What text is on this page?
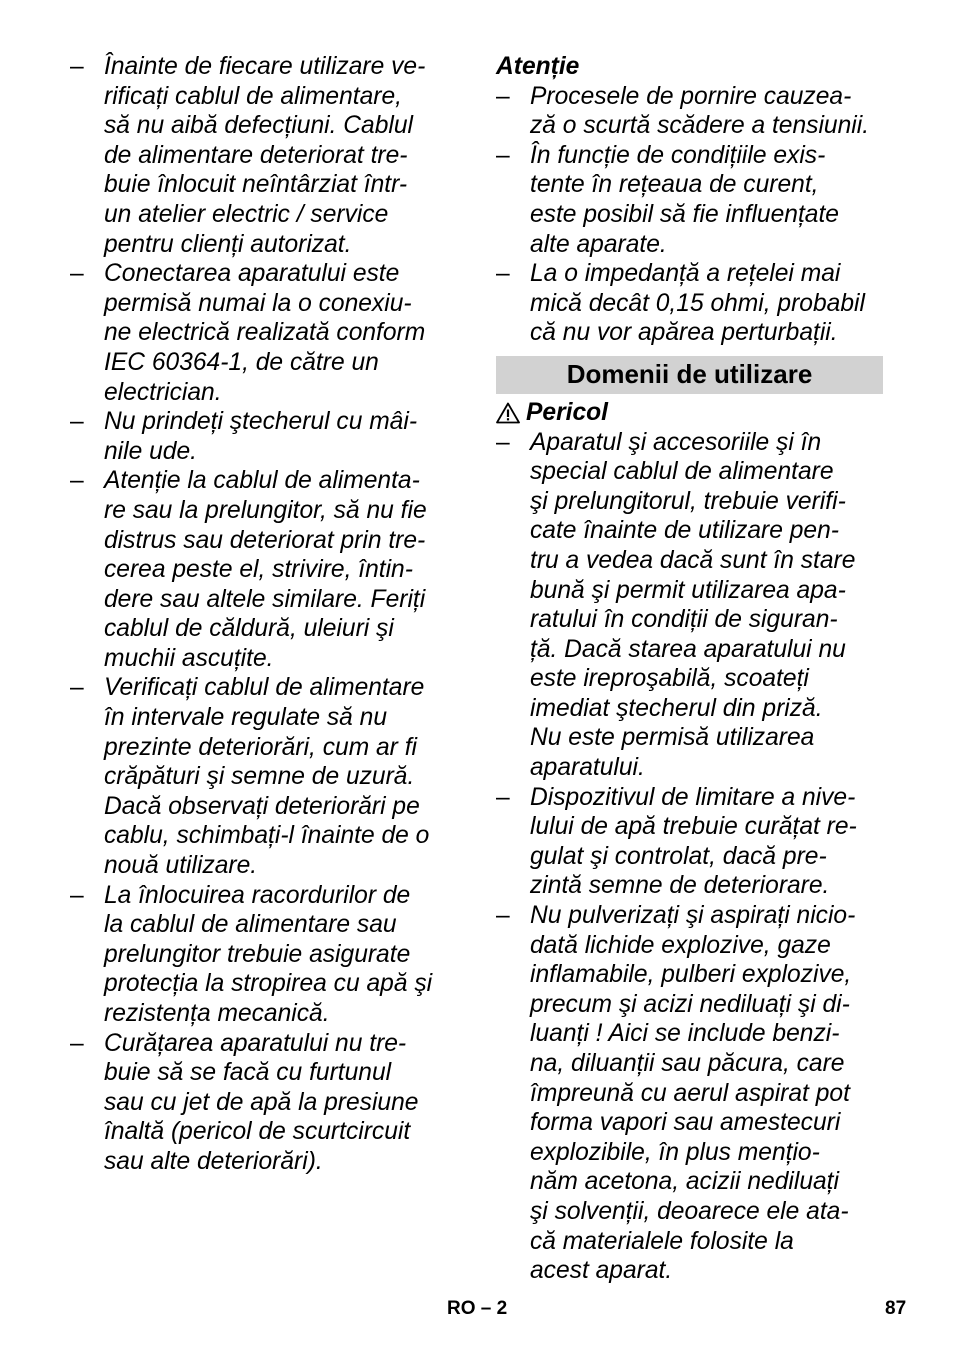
– Înainte de fiecare utilizare ve-
rificați cablul de alimentare,
să nu aibă defecțiuni. Cablul
de alimentare deteriorat tre-
buie înlocuit neîntârziat într-
un atelier electric / service
pentru clienți autorizat.
– Conectarea aparatului este
permisă numai la o conexiu-
ne electrică realizată conform
IEC 60364-1, de către un
electrician.
– Nu prindeți ştecherul cu mâi-
nile ude.
– Atenție la cablul de alimenta-
re sau la prelungitor, să nu fie
distrus sau deteriorat prin tre-
cerea peste el, strivire, întin-
dere sau altele similare. Feriți
cablul de căldură, uleiuri şi
muchii ascuțite.
– Verificați cablul de alimentare
în intervale regulate să nu
prezinte deteriorări, cum ar fi
crăpături şi semne de uzură.
Dacă observați deteriorări pe
cablu, schimbați-l înainte de o
nouă utilizare.
– La înlocuirea racordurilor de
la cablul de alimentare sau
prelungitor trebuie asigurate
protecția la stropirea cu apă şi
rezistența mecanică.
– Curățarea aparatului nu tre-
buie să se facă cu furtunul
sau cu jet de apă la presiune
înaltă (pericol de scurtcircuit
sau alte deteriorări).
Atenție
– Procesele de pornire cauzea-
ză o scurtă scădere a tensiunii.
– În funcție de condițiile exis-
tente în rețeaua de curent,
este posibil să fie influențate
alte aparate.
– La o impedanță a rețelei mai
mică decât 0,15 ohmi, probabil
că nu vor apărea perturbații.
Domenii de utilizare
Pericol
– Aparatul şi accesoriile şi în
special cablul de alimentare
şi prelungitorul, trebuie verifi-
cate înainte de utilizare pen-
tru a vedea dacă sunt în stare
bună şi permit utilizarea apa-
ratului în condiții de siguran-
ță. Dacă starea aparatului nu
este ireproşabilă, scoateți
imediat ştecherul din priză.
Nu este permisă utilizarea
aparatului.
– Dispozitivul de limitare a nive-
lului de apă trebuie curățat re-
gulat şi controlat, dacă pre-
zintă semne de deteriorare.
– Nu pulverizați şi aspirați nicio-
dată lichide explozive, gaze
inflamabile, pulberi explozive,
precum şi acizi nediluați şi di-
luanți ! Aici se include benzi-
na, diluanții sau păcura, care
împreună cu aerul aspirat pot
forma vapori sau amestecuri
explozibile, în plus mențio-
năm acetona, acizii nediluați
şi solvenții, deoarece ele ata-
că materialele folosite la
acest aparat.
RO – 2	87
